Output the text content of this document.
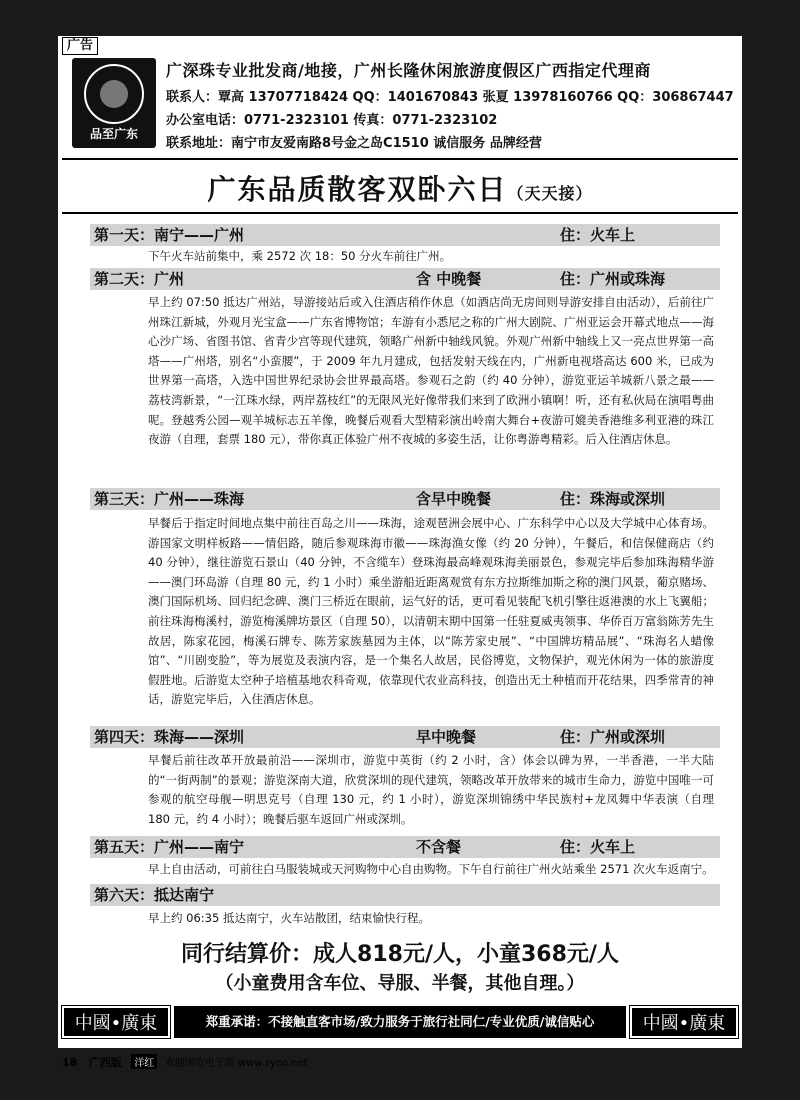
广告
品至广东
广深珠专业批发商/地接，广州长隆休闲旅游度假区广西指定代理商
联系人：覃高 13707718424 QQ：1401670843 张夏 13978160766 QQ：306867447
办公室电话：0771-2323101 传真：0771-2323102
联系地址：南宁市友爱南路8号金之岛C1510 诚信服务 品牌经营
广东品质散客双卧六日（天天接）
第一天：南宁——广州	住：火车上
下午火车站前集中，乘 2572 次 18：50 分火车前往广州。
第二天：广州	含 中晚餐	住：广州或珠海
早上约 07:50 抵达广州站，导游接站后或入住酒店稍作休息（如酒店尚无房间则导游安排自由活动），后前往广州珠江新城，外观月光宝盒——广东省博物馆；车游有小悉尼之称的广州大剧院、广州亚运会开幕式地点——海心沙广场、省图书馆、省青少宫等现代建筑，领略广州新中轴线风貌。外观广州新中轴线上又一亮点世界第一高塔——广州塔，别名“小蛮腰”，于 2009 年九月建成，包括发射天线在内，广州新电视塔高达 600 米，已成为世界第一高塔，入选中国世界纪录协会世界最高塔。参观石之韵（约 40 分钟），游览亚运羊城新八景之最——荔枝湾新景，“一江珠水绿，两岸荔枝红”的无限风光好像带我们来到了欧洲小镇啊！听，还有私伙局在演唱粤曲呢。登越秀公园—观羊城标志五羊像，晚餐后观看大型精彩演出岭南大舞台+夜游可媲美香港维多利亚港的珠江夜游（自理，套票 180 元），带你真正体验广州不夜城的多姿生活，让你粤游粤精彩。后入住酒店休息。
第三天：广州——珠海	含早中晚餐	住：珠海或深圳
早餐后于指定时间地点集中前往百岛之川——珠海，途观琶洲会展中心、广东科学中心以及大学城中心体育场。游国家文明样板路——情侣路，随后参观珠海市徽——珠海渔女像（约 20 分钟），午餐后，和信保健商店（约 40 分钟），继往游览石景山（40 分钟，不含缆车）登珠海最高峰观珠海美丽景色，参观完毕后参加珠海精华游——澳门环岛游（自理 80 元，约 1 小时）乘坐游船近距离观赏有东方拉斯维加斯之称的澳门风景，葡京赌场、澳门国际机场、回归纪念碑、澳门三桥近在眼前，运气好的话，更可看见装配飞机引擎往返港澳的水上飞翼船；前往珠海梅溪村，游览梅溪牌坊景区（自理 50），以清朝末期中国第一任驻夏威夷领事、华侨百万富翁陈芳先生故居，陈家花园，梅溪石牌专、陈芳家族墓园为主体，以“陈芳家史展”、“中国牌坊精品展”、“珠海名人蜡像馆”、“川剧变脸”，等为展览及表演内容，是一个集名人故居，民俗博览，文物保护，观光休闲为一体的旅游度假胜地。后游览太空种子培植基地农科奇观，依靠现代农业高科技，创造出无土种植而开花结果，四季常青的神话，游览完毕后，入住酒店休息。
第四天：珠海——深圳	早中晚餐	住：广州或深圳
早餐后前往改革开放最前沿——深圳市，游览中英街（约 2 小时，含）体会以碑为界，一半香港，一半大陆的“一街两制”的景观；游览深南大道，欣赏深圳的现代建筑，领略改革开放带来的城市生命力，游览中国唯一可参观的航空母舰—明思克号（自理 130 元，约 1 小时），游览深圳锦绣中华民族村+龙凤舞中华表演（自理 180 元，约 4 小时）；晚餐后驱车返回广州或深圳。
第五天：广州——南宁	不含餐	住：火车上
早上自由活动，可前往白马服装城或天河购物中心自由购物。下午自行前往广州火站乘坐 2571 次火车返南宁。
第六天：抵达南宁
早上约 06:35 抵达南宁，火车站散团，结束愉快行程。
同行结算价：成人818元/人，小童368元/人
（小童费用含车位、导服、半餐，其他自理。）
中國•廣東	郑重承诺：不接触直客市场/致力服务于旅行社同仁/专业优质/诚信贴心	中國•廣東
18 广西版 洋红 欢迎浏览电子版 www.zyoo.net
